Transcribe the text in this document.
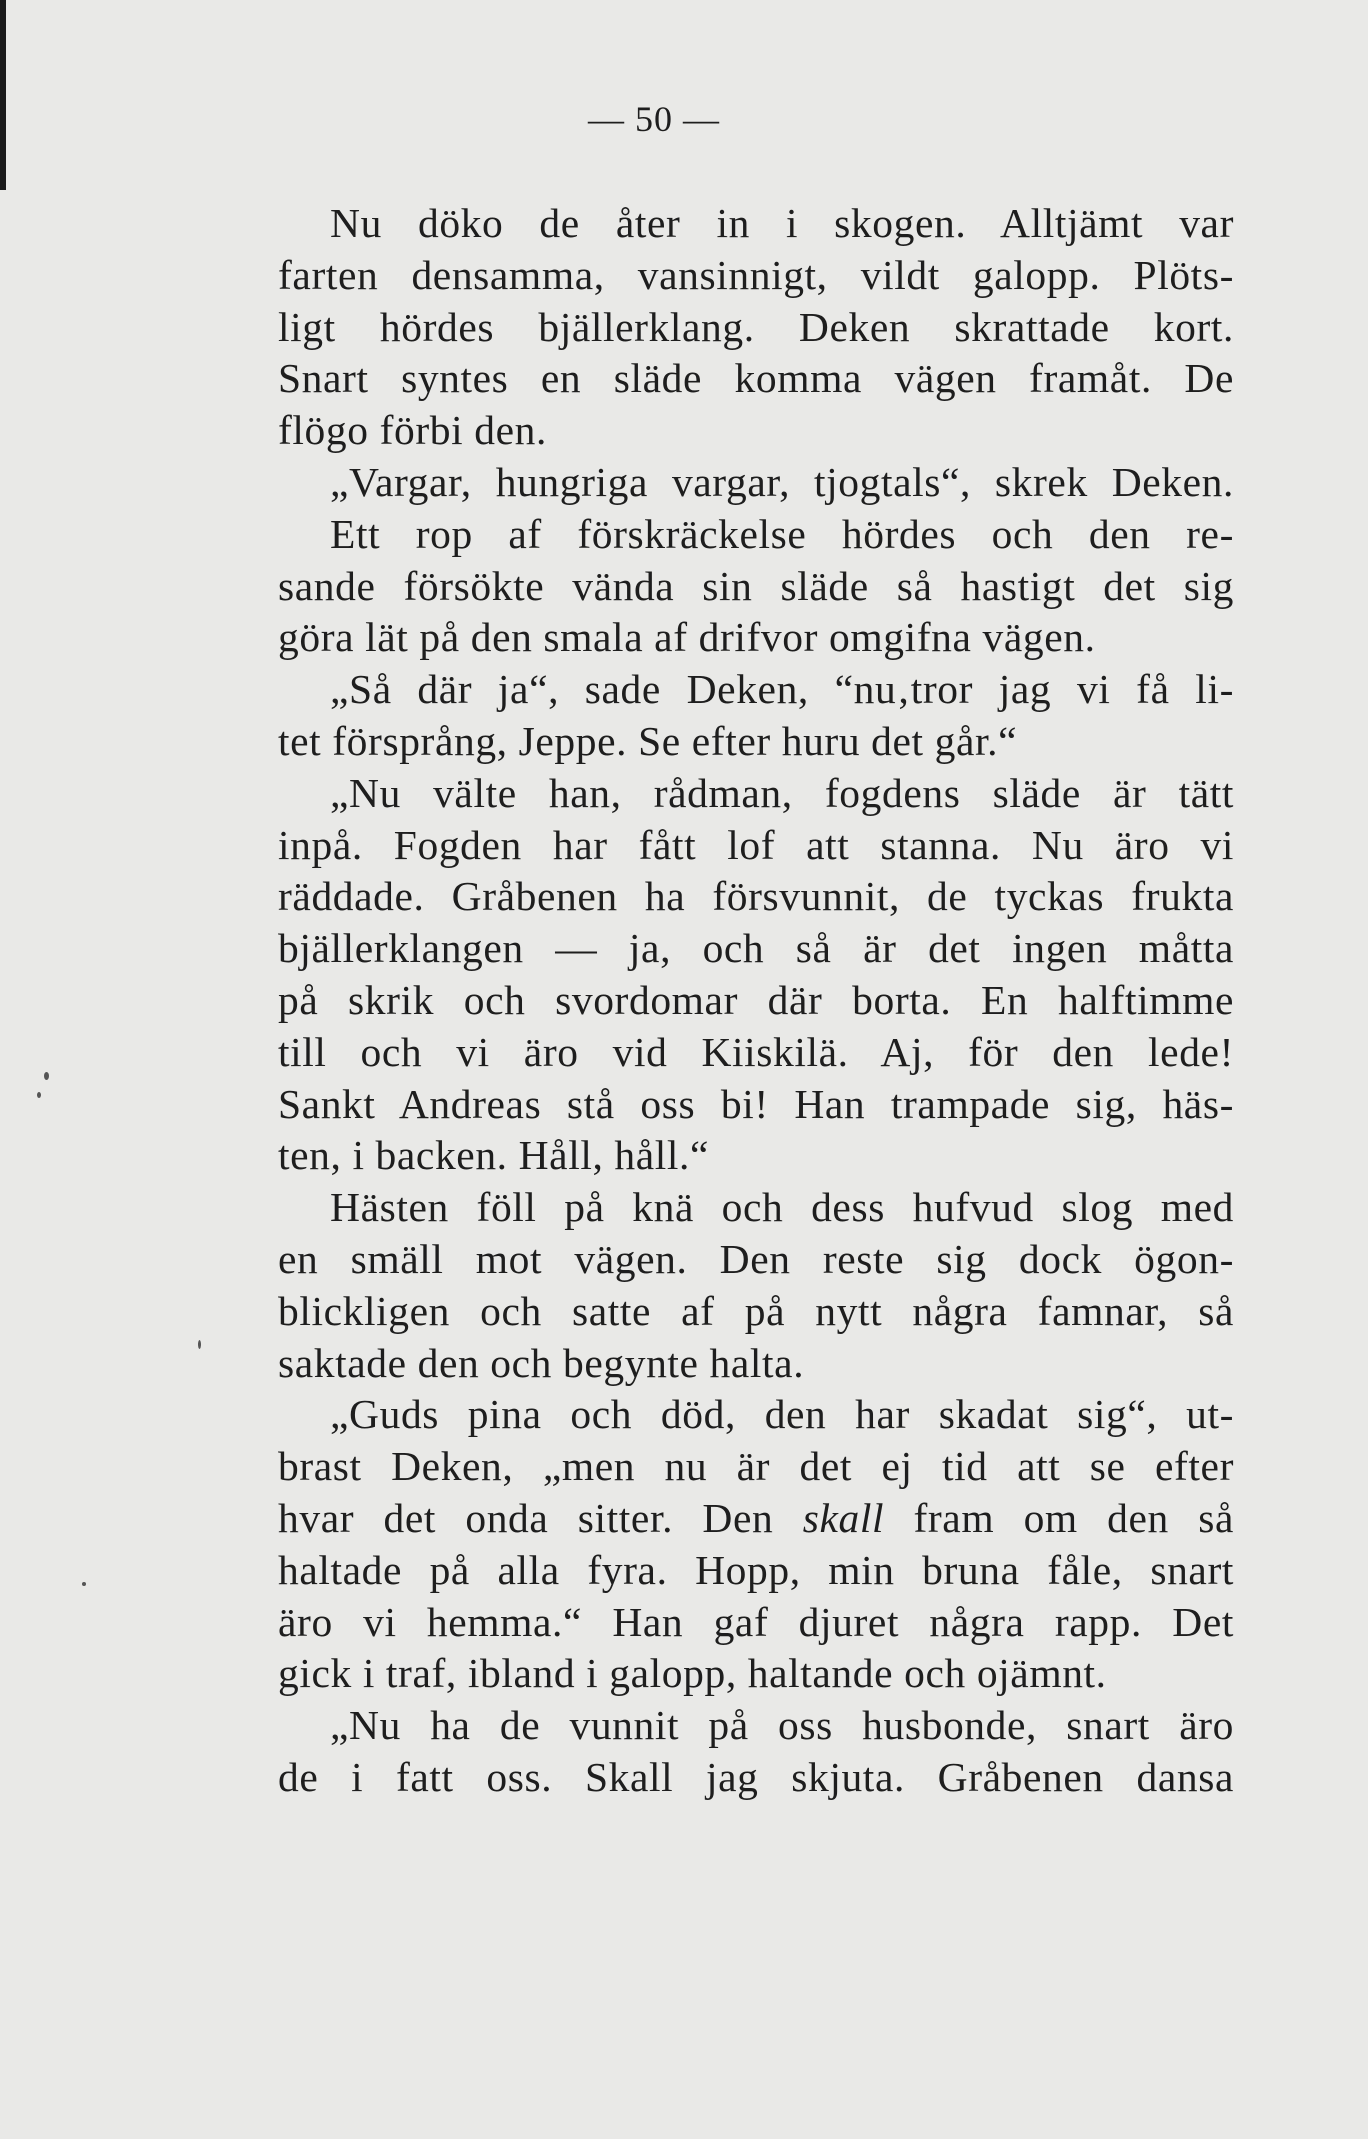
— 50 —
Nu döko de åter in i skogen. Alltjämt var
farten densamma, vansinnigt, vildt galopp. Plöts-
ligt hördes bjällerklang. Deken skrattade kort.
Snart syntes en släde komma vägen framåt. De
flögo förbi den.
„Vargar, hungriga vargar, tjogtals“, skrek Deken.
Ett rop af förskräckelse hördes och den re-
sande försökte vända sin släde så hastigt det sig
göra lät på den smala af drifvor omgifna vägen.
„Så där ja“, sade Deken, “nu‚tror jag vi få li-
tet försprång, Jeppe. Se efter huru det går.“
„Nu välte han, rådman, fogdens släde är tätt
inpå. Fogden har fått lof att stanna. Nu äro vi
räddade. Gråbenen ha försvunnit, de tyckas frukta
bjällerklangen — ja, och så är det ingen måtta
på skrik och svordomar där borta. En halftimme
till och vi äro vid Kiiskilä. Aj, för den lede!
Sankt Andreas stå oss bi! Han trampade sig, häs-
ten, i backen. Håll, håll.“
Hästen föll på knä och dess hufvud slog med
en smäll mot vägen. Den reste sig dock ögon-
blickligen och satte af på nytt några famnar, så
saktade den och begynte halta.
„Guds pina och död, den har skadat sig“, ut-
brast Deken, „men nu är det ej tid att se efter
hvar det onda sitter. Den skall fram om den så
haltade på alla fyra. Hopp, min bruna fåle, snart
äro vi hemma.“ Han gaf djuret några rapp. Det
gick i traf, ibland i galopp, haltande och ojämnt.
„Nu ha de vunnit på oss husbonde, snart äro
de i fatt oss. Skall jag skjuta. Gråbenen dansa
